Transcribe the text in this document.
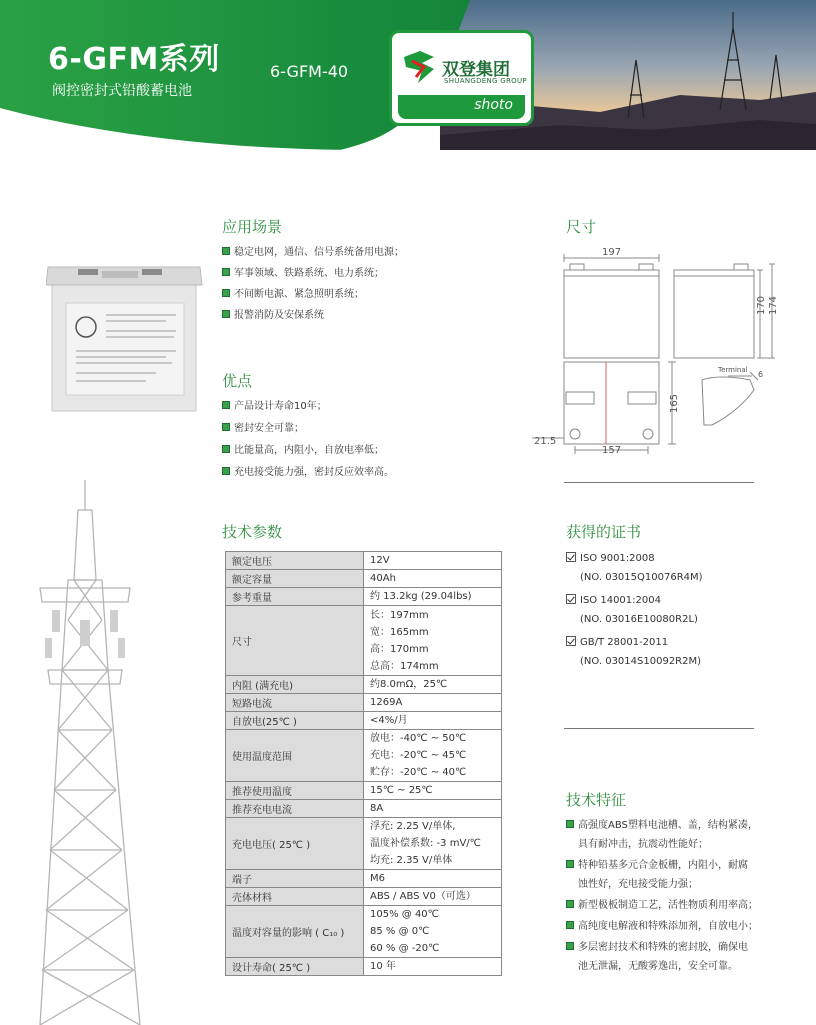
6-GFM系列
阀控密封式铅酸蓄电池
6-GFM-40	双登集团
SHUANGDENG GROUP
shoto
应用场景
稳定电网，通信、信号系统备用电源；
军事领域、铁路系统、电力系统；
不间断电源、紧急照明系统；
报警消防及安保系统
优点
产品设计寿命10年；
密封安全可靠；
比能量高，内阻小，自放电率低；
充电接受能力强，密封反应效率高。
尺寸
197
170 174
165
157
21.5
Terminal 6
技术参数
额定电压	12V

额定容量	40Ah

参考重量	约 13.2kg (29.04lbs)

尺寸	长：197mm
宽：165mm
高：170mm
总高：174mm

内阻 (满充电)	约8.0mΩ，25℃

短路电流	1269A

自放电(25℃ )	<4%/月

使用温度范围	放电：-40℃ ~ 50℃
充电：-20℃ ~ 45℃
贮存：-20℃ ~ 40℃

推荐使用温度	15℃ ~ 25℃

推荐充电电流	8A

充电电压( 25℃ )	浮充: 2.25 V/单体,
温度补偿系数: -3 mV/℃
均充: 2.35 V/单体

端子	M6

壳体材料	ABS / ABS V0（可选）

温度对容量的影响 ( C₁₀ )	105% @ 40℃
85 % @ 0℃
60 % @ -20℃

设计寿命( 25℃ )	10 年
获得的证书
ISO 9001:2008
(NO. 03015Q10076R4M)
ISO 14001:2004
(NO. 03016E10080R2L)
GB/T 28001-2011
(NO. 03014S10092R2M)
技术特征
高强度ABS塑料电池槽、盖，结构紧凑，
具有耐冲击，抗震动性能好；
特种铅基多元合金板栅，内阻小，耐腐
蚀性好，充电接受能力强；
新型极板制造工艺，活性物质利用率高；
高纯度电解液和特殊添加剂，自放电小；
多层密封技术和特殊的密封胶，确保电
池无泄漏，无酸雾逸出，安全可靠。
